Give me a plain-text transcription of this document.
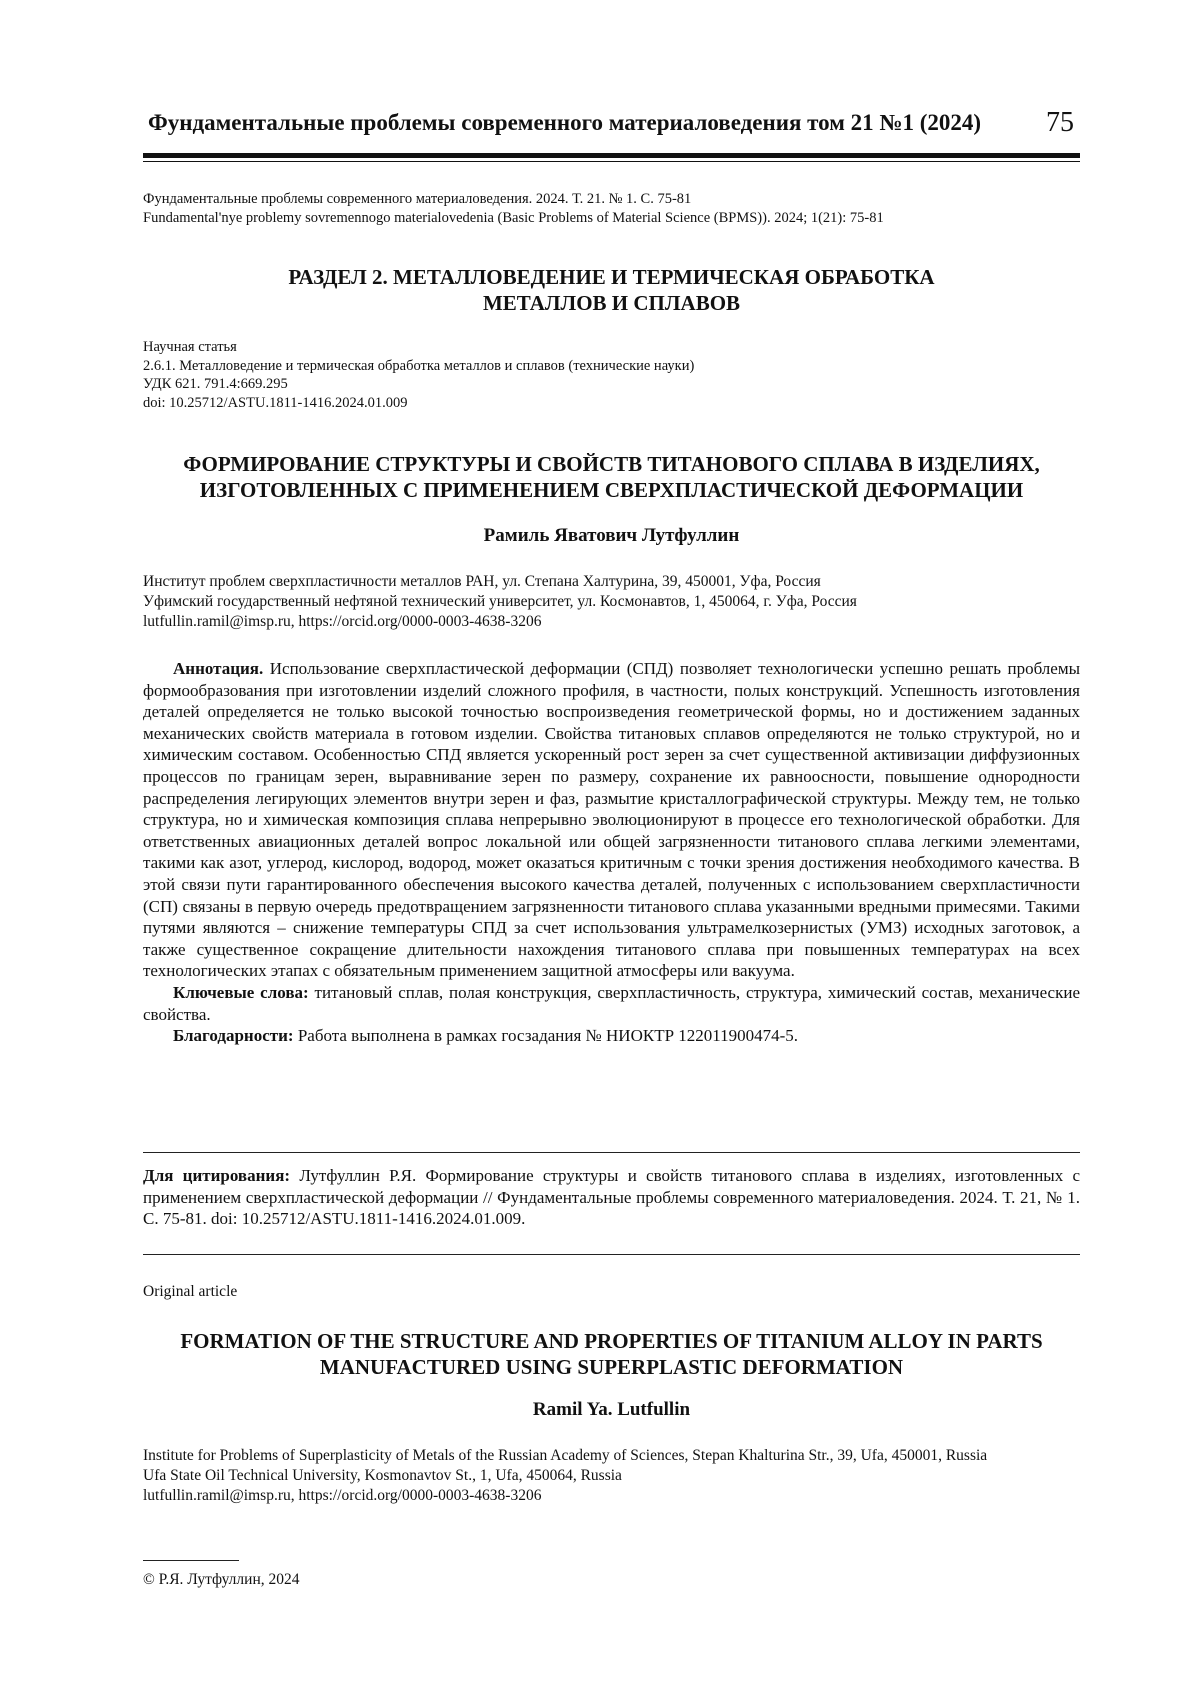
Фундаментальные проблемы современного материаловедения том 21 №1 (2024) 75
Фундаментальные проблемы современного материаловедения. 2024. Т. 21. № 1. С. 75-81
Fundamental'nye problemy sovremennogo materialovedenia (Basic Problems of Material Science (BPMS)). 2024; 1(21): 75-81
РАЗДЕЛ 2. МЕТАЛЛОВЕДЕНИЕ И ТЕРМИЧЕСКАЯ ОБРАБОТКА
МЕТАЛЛОВ И СПЛАВОВ
Научная статья
2.6.1. Металловедение и термическая обработка металлов и сплавов (технические науки)
УДК 621. 791.4:669.295
doi: 10.25712/ASTU.1811-1416.2024.01.009
ФОРМИРОВАНИЕ СТРУКТУРЫ И СВОЙСТВ ТИТАНОВОГО СПЛАВА В ИЗДЕЛИЯХ,
ИЗГОТОВЛЕННЫХ С ПРИМЕНЕНИЕМ СВЕРХПЛАСТИЧЕСКОЙ ДЕФОРМАЦИИ
Рамиль Яватович Лутфуллин
Институт проблем сверхпластичности металлов РАН, ул. Степана Халтурина, 39, 450001, Уфа, Россия
Уфимский государственный нефтяной технический университет, ул. Космонавтов, 1, 450064, г. Уфа, Россия
lutfullin.ramil@imsp.ru, https://orcid.org/0000-0003-4638-3206

Аннотация. Использование сверхпластической деформации (СПД) позволяет технологически успешно решать проблемы формообразования при изготовлении изделий сложного профиля, в частности, полых конструкций. Успешность изготовления деталей определяется не только высокой точностью воспроизведения геометрической формы, но и достижением заданных механических свойств материала в готовом изделии. Свойства титановых сплавов определяются не только структурой, но и химическим составом. Особенностью СПД является ускоренный рост зерен за счет существенной активизации диффузионных процессов по границам зерен, выравнивание зерен по размеру, сохранение их равноосности, повышение однородности распределения легирующих элементов внутри зерен и фаз, размытие кристаллографической структуры. Между тем, не только структура, но и химическая композиция сплава непрерывно эволюционируют в процессе его технологической обработки. Для ответственных авиационных деталей вопрос локальной или общей загрязненности титанового сплава легкими элементами, такими как азот, углерод, кислород, водород, может оказаться критичным с точки зрения достижения необходимого качества. В этой связи пути гарантированного обеспечения высокого качества деталей, полученных с использованием сверхпластичности (СП) связаны в первую очередь предотвращением загрязненности титанового сплава указанными вредными примесями. Такими путями являются – снижение температуры СПД за счет использования ультрамелкозернистых (УМЗ) исходных заготовок, а также существенное сокращение длительности нахождения титанового сплава при повышенных температурах на всех технологических этапах с обязательным применением защитной атмосферы или вакуума.

Ключевые слова: титановый сплав, полая конструкция, сверхпластичность, структура, химический состав, механические свойства.

Благодарности: Работа выполнена в рамках госзадания № НИОКТР 122011900474-5.

Для цитирования: Лутфуллин Р.Я. Формирование структуры и свойств титанового сплава в изделиях, изготовленных с применением сверхпластической деформации // Фундаментальные проблемы современного материаловедения. 2024. Т. 21, № 1. С. 75-81. doi: 10.25712/ASTU.1811-1416.2024.01.009.
Original article
FORMATION OF THE STRUCTURE AND PROPERTIES OF TITANIUM ALLOY IN PARTS
MANUFACTURED USING SUPERPLASTIC DEFORMATION
Ramil Ya. Lutfullin
Institute for Problems of Superplasticity of Metals of the Russian Academy of Sciences, Stepan Khalturina Str., 39, Ufa, 450001, Russia
Ufa State Oil Technical University, Kosmonavtov St., 1, Ufa, 450064, Russia
lutfullin.ramil@imsp.ru, https://orcid.org/0000-0003-4638-3206
© Р.Я. Лутфуллин, 2024
